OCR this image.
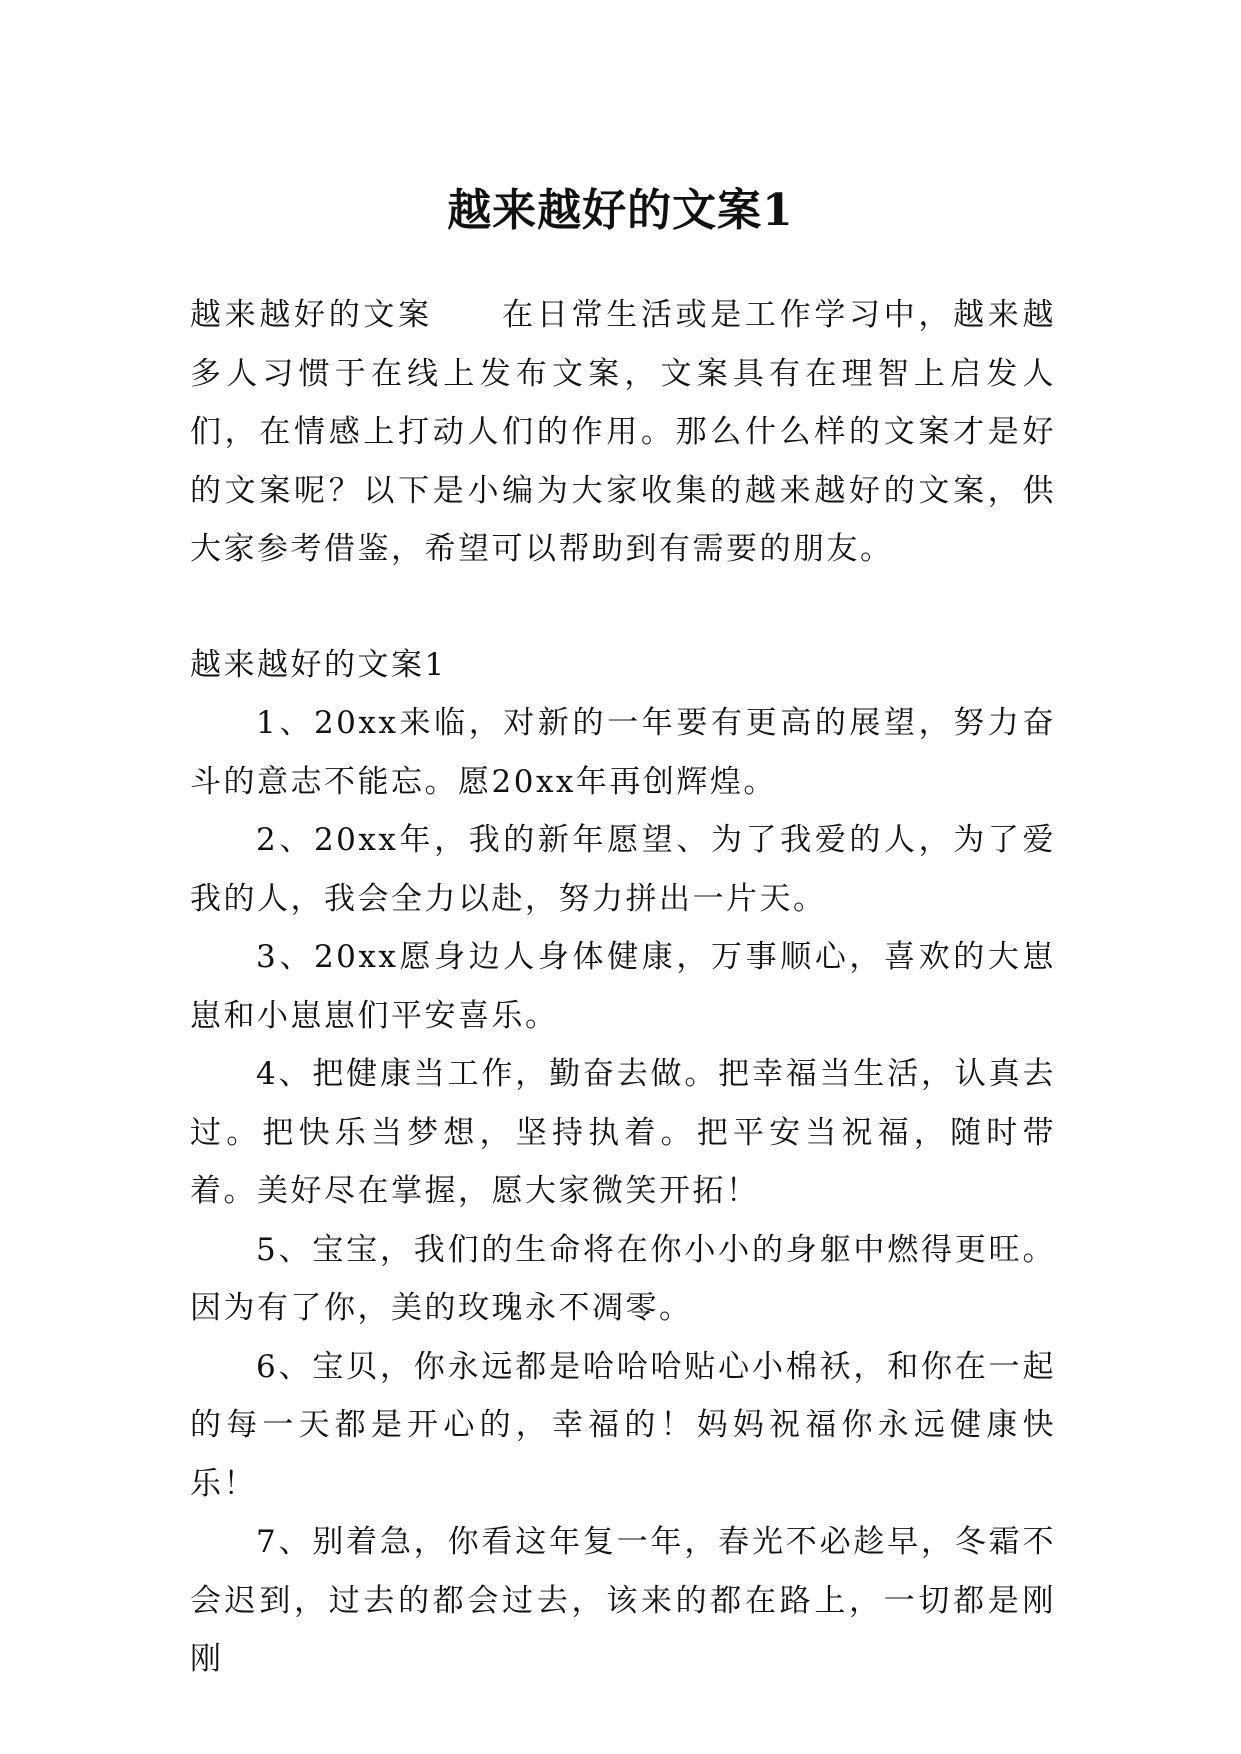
越来越好的文案1

越来越好的文案　　在日常生活或是工作学习中，越来越多人习惯于在线上发布文案，文案具有在理智上启发人们，在情感上打动人们的作用。那么什么样的文案才是好的文案呢？以下是小编为大家收集的越来越好的文案，供大家参考借鉴，希望可以帮助到有需要的朋友。

越来越好的文案1

1、20xx来临，对新的一年要有更高的展望，努力奋斗的意志不能忘。愿20xx年再创辉煌。

2、20xx年，我的新年愿望、为了我爱的人，为了爱我的人，我会全力以赴，努力拼出一片天。

3、20xx愿身边人身体健康，万事顺心，喜欢的大崽崽和小崽崽们平安喜乐。

4、把健康当工作，勤奋去做。把幸福当生活，认真去过。把快乐当梦想，坚持执着。把平安当祝福，随时带着。美好尽在掌握，愿大家微笑开拓！

5、宝宝，我们的生命将在你小小的身躯中燃得更旺。因为有了你，美的玫瑰永不凋零。

6、宝贝，你永远都是哈哈哈贴心小棉袄，和你在一起的每一天都是开心的，幸福的！妈妈祝福你永远健康快乐！

7、别着急，你看这年复一年，春光不必趁早，冬霜不会迟到，过去的都会过去，该来的都在路上，一切都是刚刚
